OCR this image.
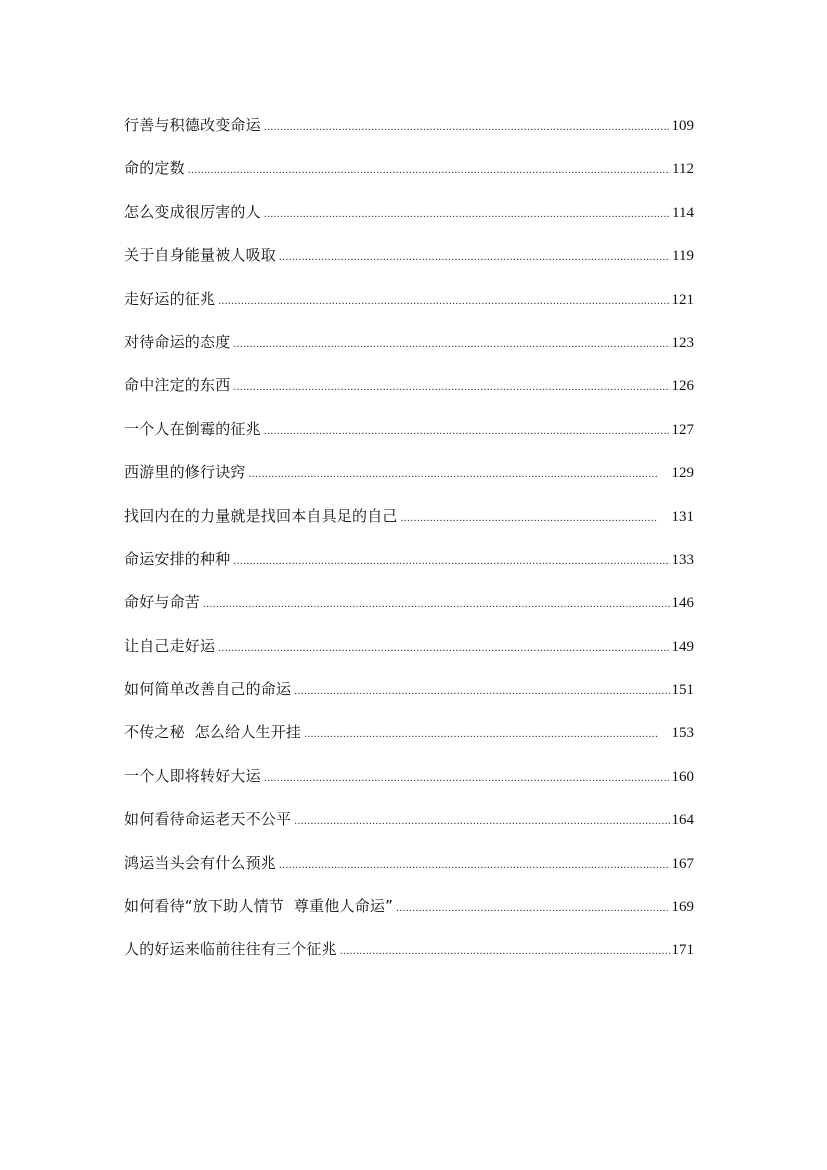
行善与积德改变命运 .....	109
命的定数 .....	112
怎么变成很厉害的人 .....	114
关于自身能量被人吸取 .....	119
走好运的征兆 .....	121
对待命运的态度 .....	123
命中注定的东西 .....	126
一个人在倒霉的征兆 .....	127
西游里的修行诀窍 .....	129
找回内在的力量就是找回本自具足的自己 .....	131
命运安排的种种 .....	133
命好与命苦 .....	146
让自己走好运 .....	149
如何简单改善自己的命运 .....	151
不传之秘  怎么给人生开挂 .....	153
一个人即将转好大运 .....	160
如何看待命运老天不公平 .....	164
鸿运当头会有什么预兆 .....	167
如何看待“放下助人情节  尊重他人命运” .....	169
人的好运来临前往往有三个征兆 .....	171
